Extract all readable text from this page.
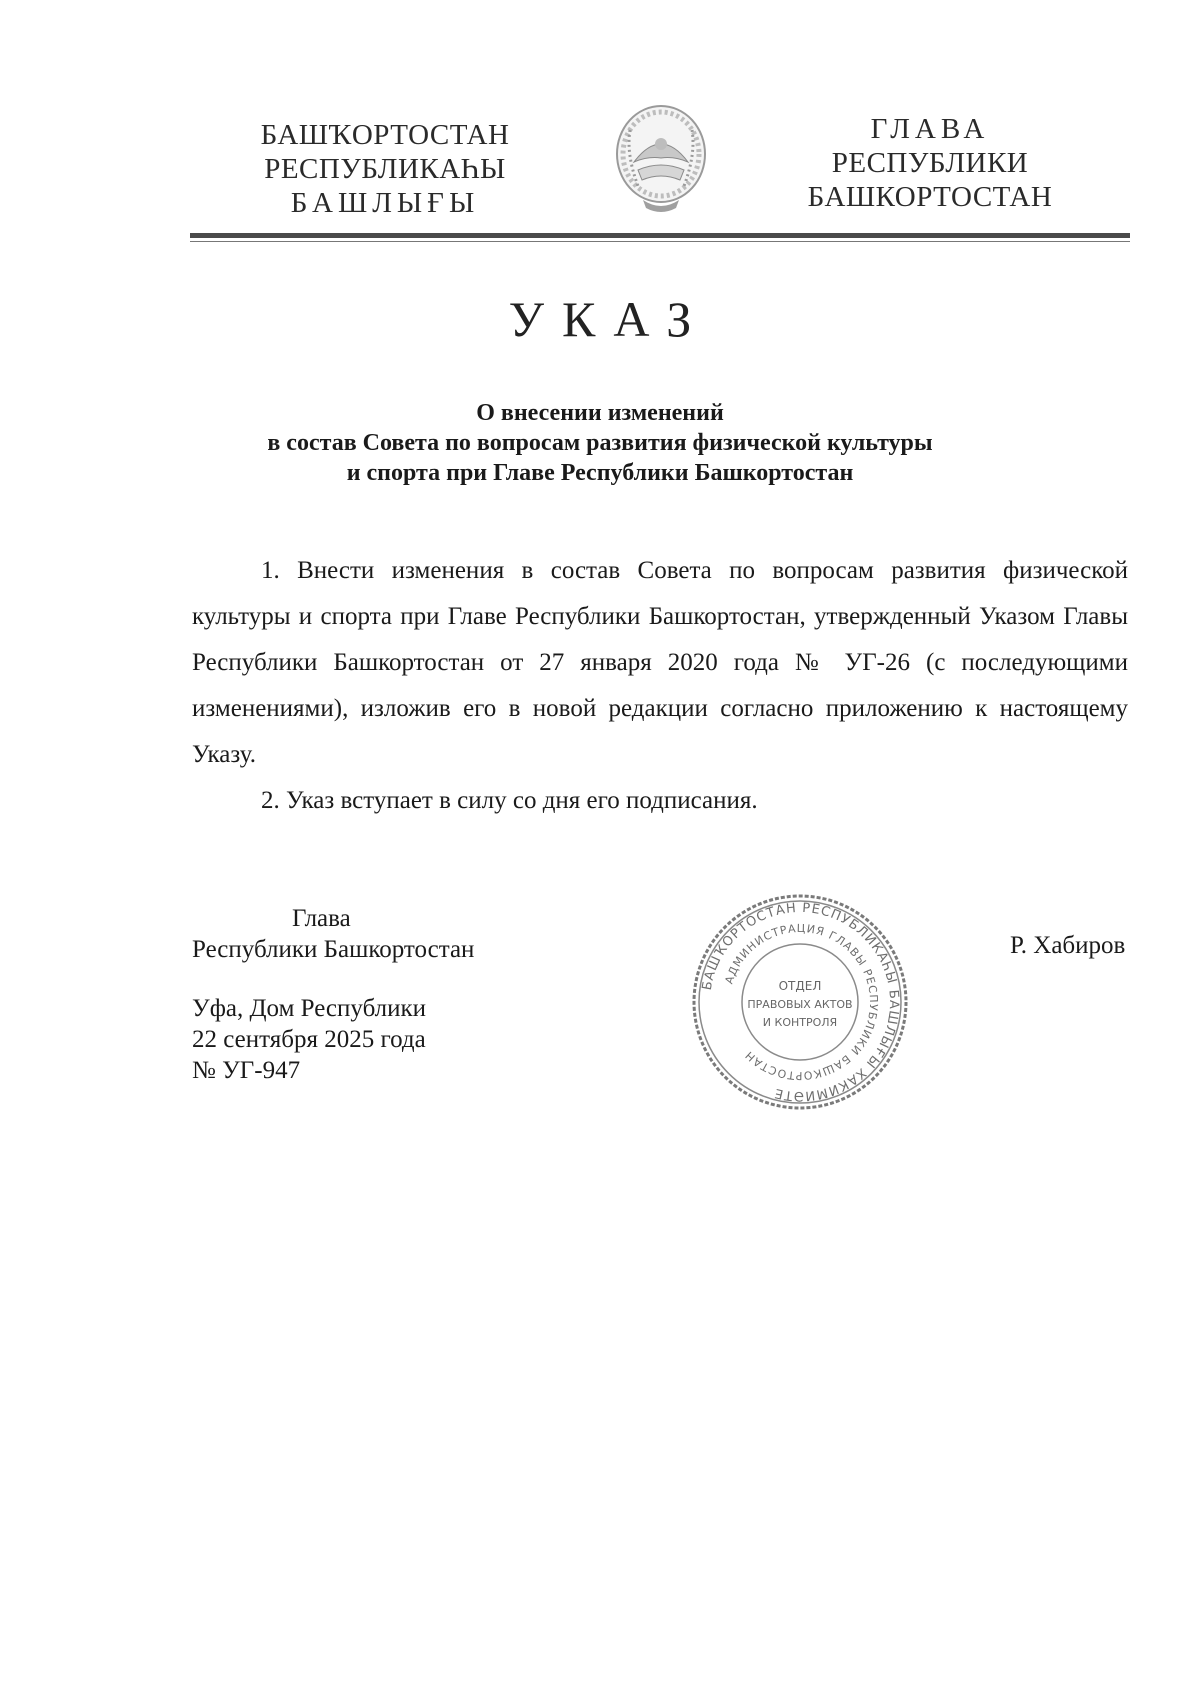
БАШҠОРТОСТАН
РЕСПУБЛИКАҺЫ
БАШЛЫҒЫ
ГЛАВА
РЕСПУБЛИКИ
БАШКОРТОСТАН
УКАЗ
О внесении изменений
в состав Совета по вопросам развития физической культуры
и спорта при Главе Республики Башкортостан

1. Внести изменения в состав Совета по вопросам развития физической культуры и спорта при Главе Республики Башкортостан, утвержденный Указом Главы Республики Башкортостан от 27 января 2020 года № УГ-26 (с последующими изменениями), изложив его в новой редакции согласно приложению к настоящему Указу.

2. Указ вступает в силу со дня его подписания.

Глава
Республики Башкортостан	Р. Хабиров
Уфа, Дом Республики
22 сентября 2025 года
№ УГ-947
БАШҠОРТОСТАН РЕСПУБЛИКАҺЫ БАШЛЫҒЫ ХАКИМИӘТЕ
АДМИНИСТРАЦИЯ ГЛАВЫ РЕСПУБЛИКИ БАШКОРТОСТАН
ОТДЕЛ
ПРАВОВЫХ АКТОВ
И КОНТРОЛЯ
